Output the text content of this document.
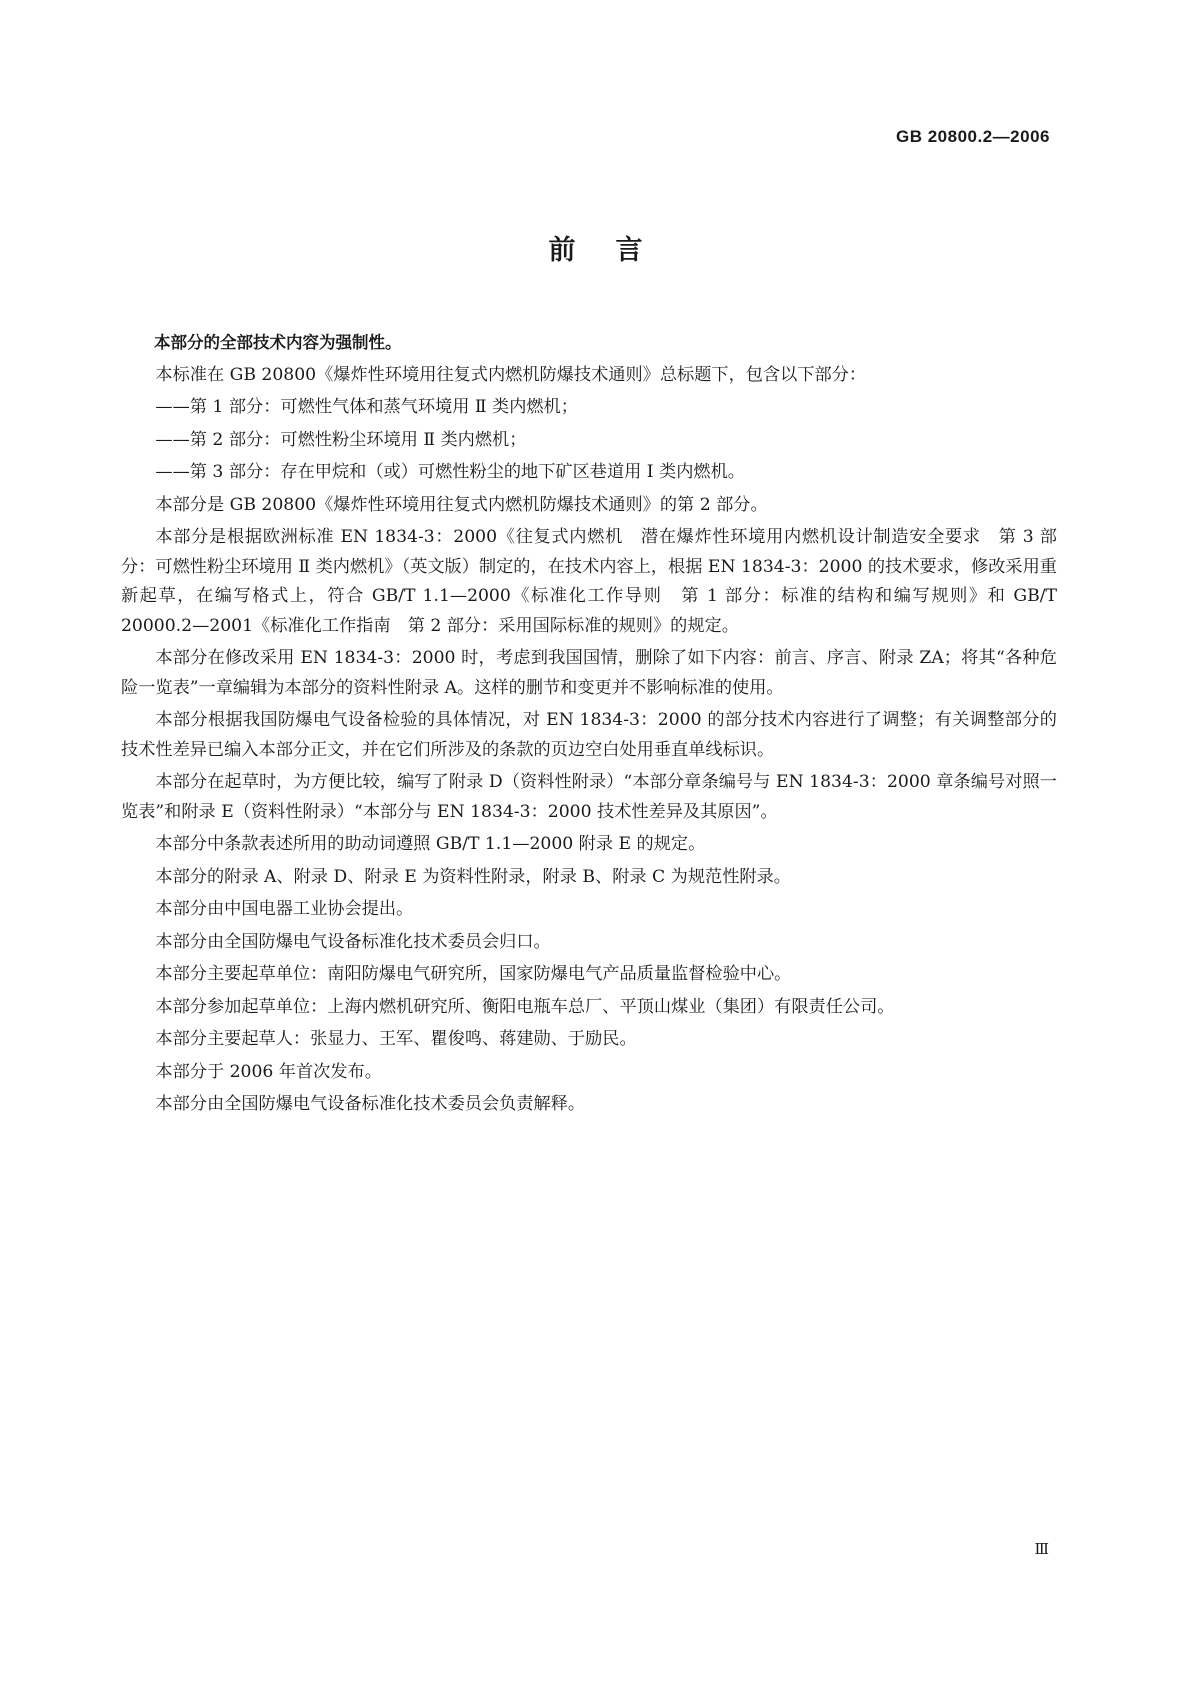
GB 20800.2—2006
前言

本部分的全部技术内容为强制性。

本标准在 GB 20800《爆炸性环境用往复式内燃机防爆技术通则》总标题下，包含以下部分：

——第 1 部分：可燃性气体和蒸气环境用 Ⅱ 类内燃机；

——第 2 部分：可燃性粉尘环境用 Ⅱ 类内燃机；

——第 3 部分：存在甲烷和（或）可燃性粉尘的地下矿区巷道用 Ⅰ 类内燃机。

本部分是 GB 20800《爆炸性环境用往复式内燃机防爆技术通则》的第 2 部分。

本部分是根据欧洲标准 EN 1834-3：2000《往复式内燃机　潜在爆炸性环境用内燃机设计制造安全要求　第 3 部分：可燃性粉尘环境用 Ⅱ 类内燃机》（英文版）制定的，在技术内容上，根据 EN 1834-3：2000 的技术要求，修改采用重新起草，在编写格式上，符合 GB/T 1.1—2000《标准化工作导则　第 1 部分：标准的结构和编写规则》和 GB/T 20000.2—2001《标准化工作指南　第 2 部分：采用国际标准的规则》的规定。

本部分在修改采用 EN 1834-3：2000 时，考虑到我国国情，删除了如下内容：前言、序言、附录 ZA；将其“各种危险一览表”一章编辑为本部分的资料性附录 A。这样的删节和变更并不影响标准的使用。

本部分根据我国防爆电气设备检验的具体情况，对 EN 1834-3：2000 的部分技术内容进行了调整；有关调整部分的技术性差异已编入本部分正文，并在它们所涉及的条款的页边空白处用垂直单线标识。

本部分在起草时，为方便比较，编写了附录 D（资料性附录）“本部分章条编号与 EN 1834-3：2000 章条编号对照一览表”和附录 E（资料性附录）“本部分与 EN 1834-3：2000 技术性差异及其原因”。

本部分中条款表述所用的助动词遵照 GB/T 1.1—2000 附录 E 的规定。

本部分的附录 A、附录 D、附录 E 为资料性附录，附录 B、附录 C 为规范性附录。

本部分由中国电器工业协会提出。

本部分由全国防爆电气设备标准化技术委员会归口。

本部分主要起草单位：南阳防爆电气研究所，国家防爆电气产品质量监督检验中心。

本部分参加起草单位：上海内燃机研究所、衡阳电瓶车总厂、平顶山煤业（集团）有限责任公司。

本部分主要起草人：张显力、王军、瞿俊鸣、蒋建勋、于励民。

本部分于 2006 年首次发布。

本部分由全国防爆电气设备标准化技术委员会负责解释。

Ⅲ
